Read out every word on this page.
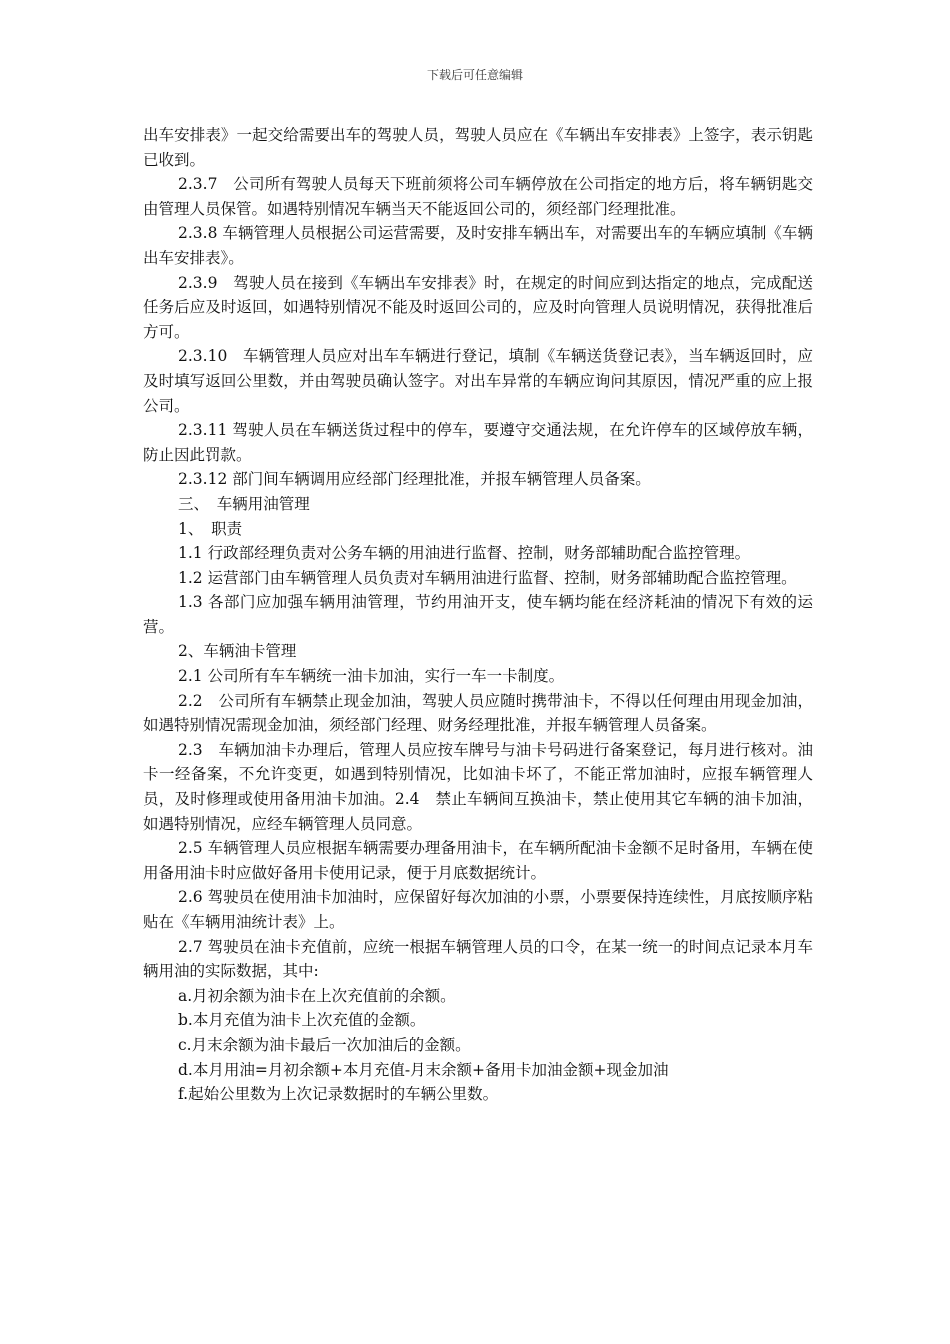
下载后可任意编辑

出车安排表》一起交给需要出车的驾驶人员，驾驶人员应在《车辆出车安排表》上签字，表示钥匙已收到。

2.3.7　公司所有驾驶人员每天下班前须将公司车辆停放在公司指定的地方后，将车辆钥匙交由管理人员保管。如遇特别情况车辆当天不能返回公司的，须经部门经理批准。

2.3.8 车辆管理人员根据公司运营需要，及时安排车辆出车，对需要出车的车辆应填制《车辆出车安排表》。

2.3.9　驾驶人员在接到《车辆出车安排表》时，在规定的时间应到达指定的地点，完成配送任务后应及时返回，如遇特别情况不能及时返回公司的，应及时向管理人员说明情况，获得批准后方可。

2.3.10　车辆管理人员应对出车车辆进行登记，填制《车辆送货登记表》，当车辆返回时，应及时填写返回公里数，并由驾驶员确认签字。对出车异常的车辆应询问其原因，情况严重的应上报公司。

2.3.11 驾驶人员在车辆送货过程中的停车，要遵守交通法规，在允许停车的区域停放车辆，防止因此罚款。

2.3.12 部门间车辆调用应经部门经理批准，并报车辆管理人员备案。

三、　车辆用油管理

1、　职责

1.1 行政部经理负责对公务车辆的用油进行监督、控制，财务部辅助配合监控管理。

1.2 运营部门由车辆管理人员负责对车辆用油进行监督、控制，财务部辅助配合监控管理。

1.3 各部门应加强车辆用油管理，节约用油开支，使车辆均能在经济耗油的情况下有效的运营。

2、车辆油卡管理

2.1 公司所有车车辆统一油卡加油，实行一车一卡制度。

2.2　公司所有车辆禁止现金加油，驾驶人员应随时携带油卡，不得以任何理由用现金加油，如遇特别情况需现金加油，须经部门经理、财务经理批准，并报车辆管理人员备案。

2.3　车辆加油卡办理后，管理人员应按车牌号与油卡号码进行备案登记，每月进行核对。油卡一经备案，不允许变更，如遇到特别情况，比如油卡坏了，不能正常加油时，应报车辆管理人员，及时修理或使用备用油卡加油。2.4　禁止车辆间互换油卡，禁止使用其它车辆的油卡加油，如遇特别情况，应经车辆管理人员同意。

2.5 车辆管理人员应根据车辆需要办理备用油卡，在车辆所配油卡金额不足时备用，车辆在使用备用油卡时应做好备用卡使用记录，便于月底数据统计。

2.6 驾驶员在使用油卡加油时，应保留好每次加油的小票，小票要保持连续性，月底按顺序粘贴在《车辆用油统计表》上。

2.7 驾驶员在油卡充值前，应统一根据车辆管理人员的口令，在某一统一的时间点记录本月车辆用油的实际数据，其中:

a.月初余额为油卡在上次充值前的余额。

b.本月充值为油卡上次充值的金额。

c.月末余额为油卡最后一次加油后的金额。

d.本月用油=月初余额+本月充值-月末余额+备用卡加油金额+现金加油

f.起始公里数为上次记录数据时的车辆公里数。
